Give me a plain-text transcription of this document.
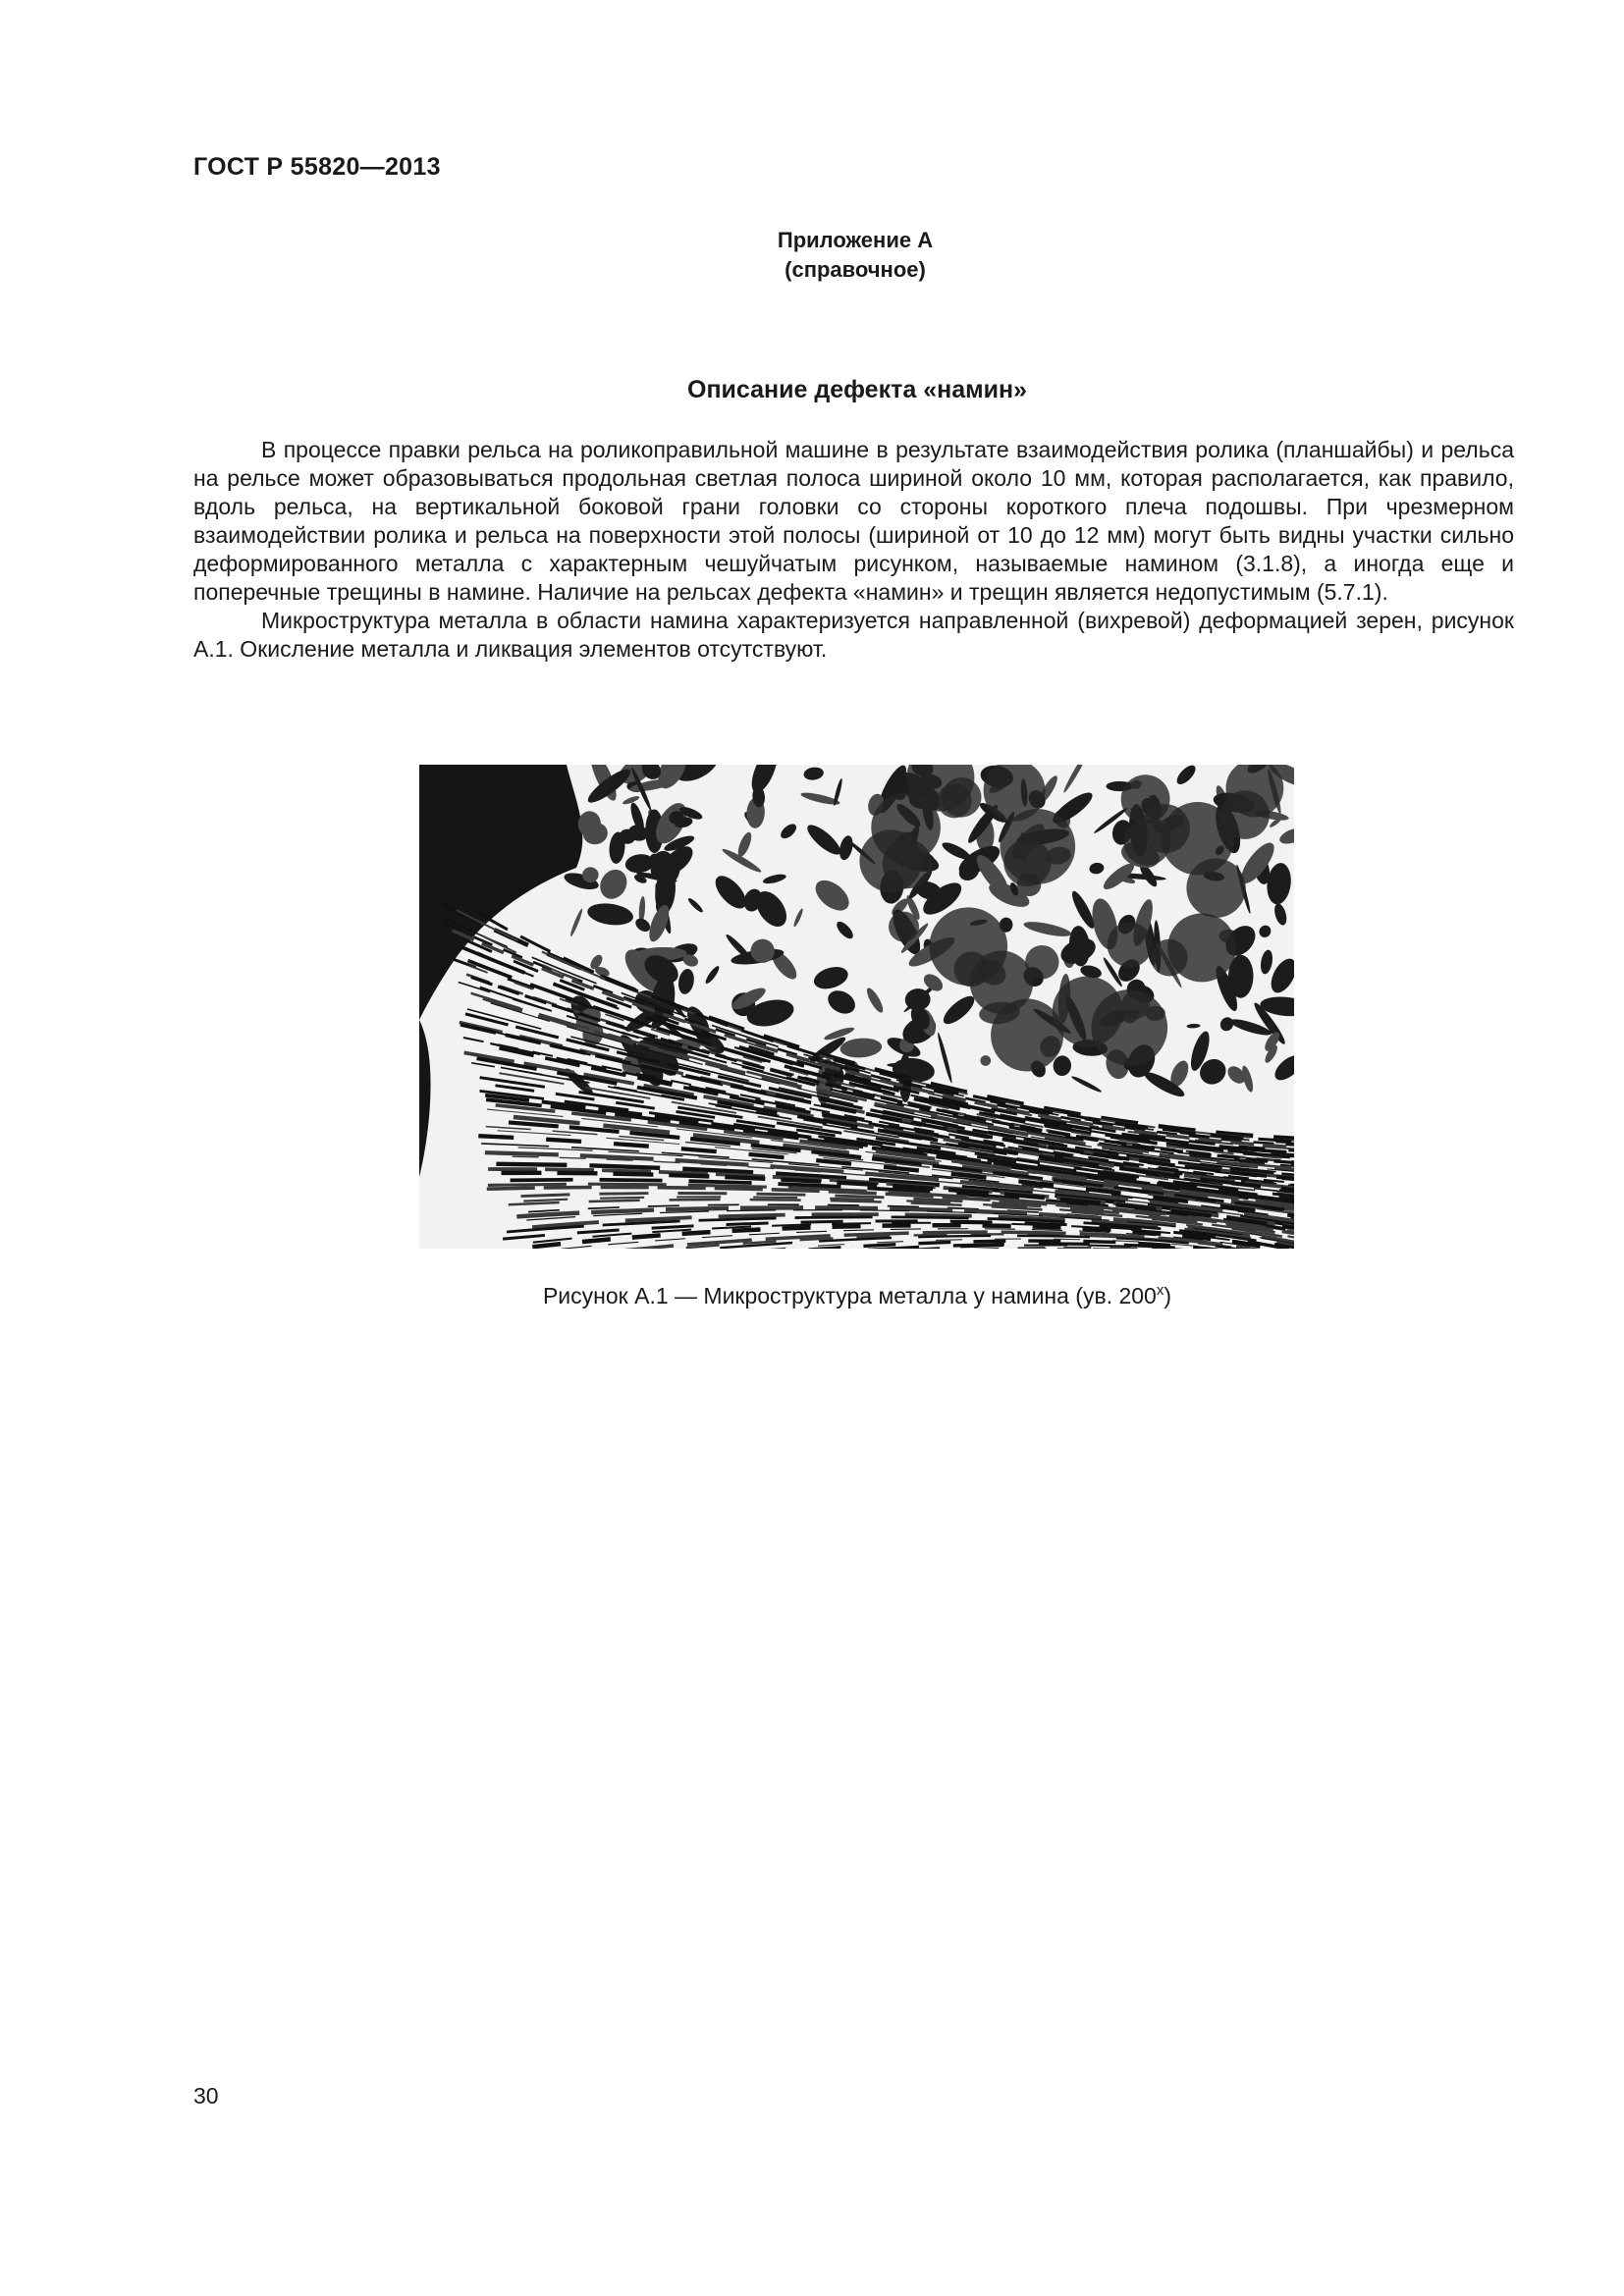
ГОСТ Р 55820—2013
Приложение А
(справочное)
Описание дефекта «намин»

В процессе правки рельса на роликоправильной машине в результате взаимодействия ролика (планшайбы) и рельса на рельсе может образовываться продольная светлая полоса шириной около 10 мм, которая располагается, как правило, вдоль рельса, на вертикальной боковой грани головки со стороны короткого плеча подошвы. При чрезмерном взаимодействии ролика и рельса на поверхности этой полосы (шириной от 10 до 12 мм) могут быть видны участки сильно деформированного металла с характерным чешуйчатым рисунком, называемые намином (3.1.8), а иногда еще и поперечные трещины в намине. Наличие на рельсах дефекта «намин» и трещин является недопустимым (5.7.1).

Микроструктура металла в области намина характеризуется направленной (вихревой) деформацией зерен, рисунок А.1. Окисление металла и ликвация элементов отсутствуют.

Рисунок А.1 — Микроструктура металла у намина (ув. $200^х$)
30
